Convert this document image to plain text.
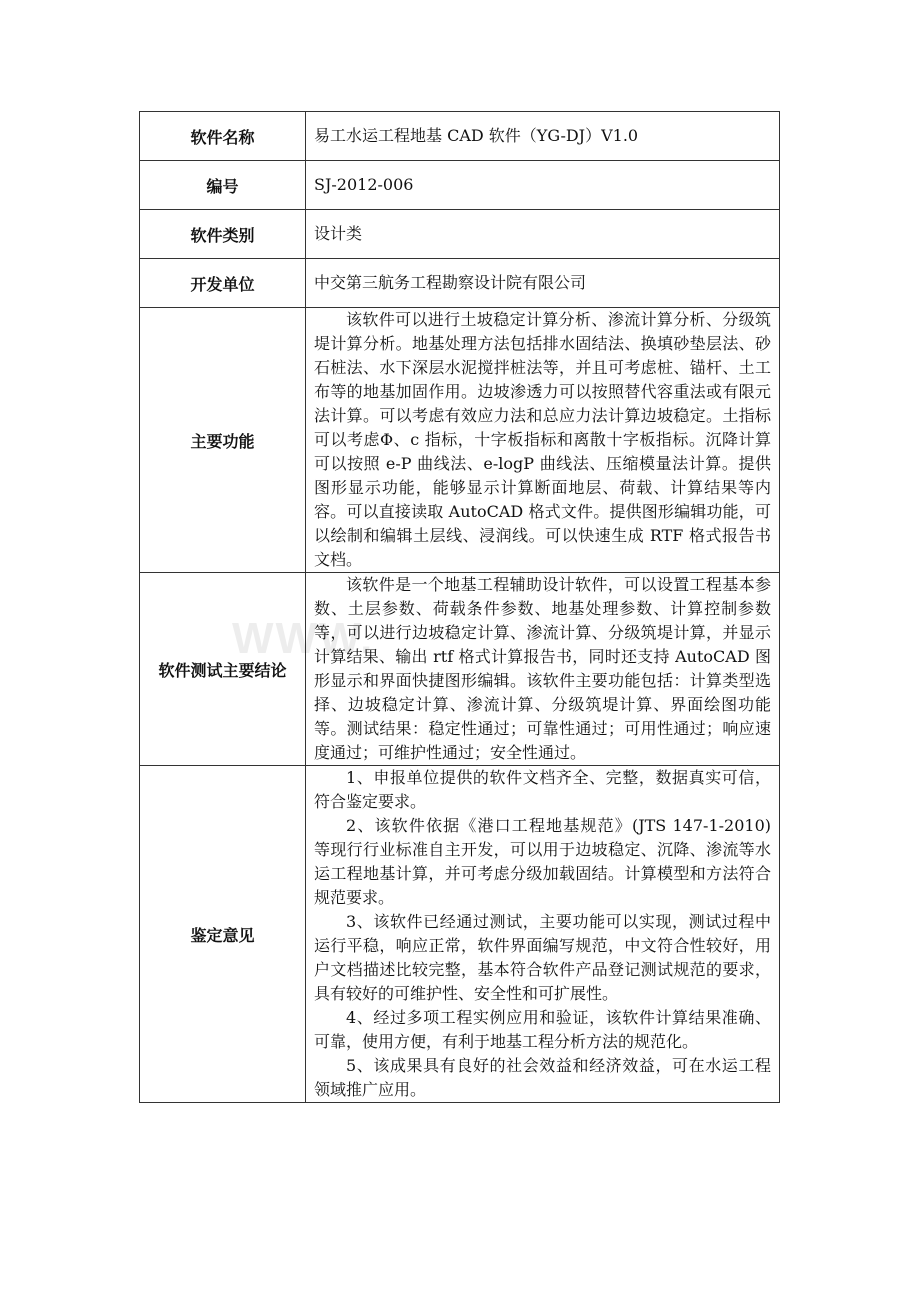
软件名称	易工水运工程地基 CAD 软件（YG-DJ）V1.0
编号	SJ-2012-006
软件类别	设计类
开发单位	中交第三航务工程勘察设计院有限公司
主要功能	该软件可以进行土坡稳定计算分析、渗流计算分析、分级筑堤计算分析。地基处理方法包括排水固结法、换填砂垫层法、砂石桩法、水下深层水泥搅拌桩法等，并且可考虑桩、锚杆、土工布等的地基加固作用。边坡渗透力可以按照替代容重法或有限元法计算。可以考虑有效应力法和总应力法计算边坡稳定。土指标可以考虑Φ、c 指标，十字板指标和离散十字板指标。沉降计算可以按照 e-P 曲线法、e-logP 曲线法、压缩模量法计算。提供图形显示功能，能够显示计算断面地层、荷载、计算结果等内容。可以直接读取 AutoCAD 格式文件。提供图形编辑功能，可以绘制和编辑土层线、浸润线。可以快速生成 RTF 格式报告书文档。

软件测试主要结论	该软件是一个地基工程辅助设计软件，可以设置工程基本参数、土层参数、荷载条件参数、地基处理参数、计算控制参数等，可以进行边坡稳定计算、渗流计算、分级筑堤计算，并显示计算结果、输出 rtf 格式计算报告书，同时还支持 AutoCAD 图形显示和界面快捷图形编辑。该软件主要功能包括：计算类型选择、边坡稳定计算、渗流计算、分级筑堤计算、界面绘图功能等。测试结果：稳定性通过；可靠性通过；可用性通过；响应速度通过；可维护性通过；安全性通过。

鉴定意见	1、申报单位提供的软件文档齐全、完整，数据真实可信，符合鉴定要求。

2、该软件依据《港口工程地基规范》(JTS 147-1-2010) 等现行行业标准自主开发，可以用于边坡稳定、沉降、渗流等水运工程地基计算，并可考虑分级加载固结。计算模型和方法符合规范要求。

3、该软件已经通过测试，主要功能可以实现，测试过程中运行平稳，响应正常，软件界面编写规范，中文符合性较好，用户文档描述比较完整，基本符合软件产品登记测试规范的要求，具有较好的可维护性、安全性和可扩展性。

4、经过多项工程实例应用和验证，该软件计算结果准确、可靠，使用方便，有利于地基工程分析方法的规范化。

5、该成果具有良好的社会效益和经济效益，可在水运工程领域推广应用。

WWW.
